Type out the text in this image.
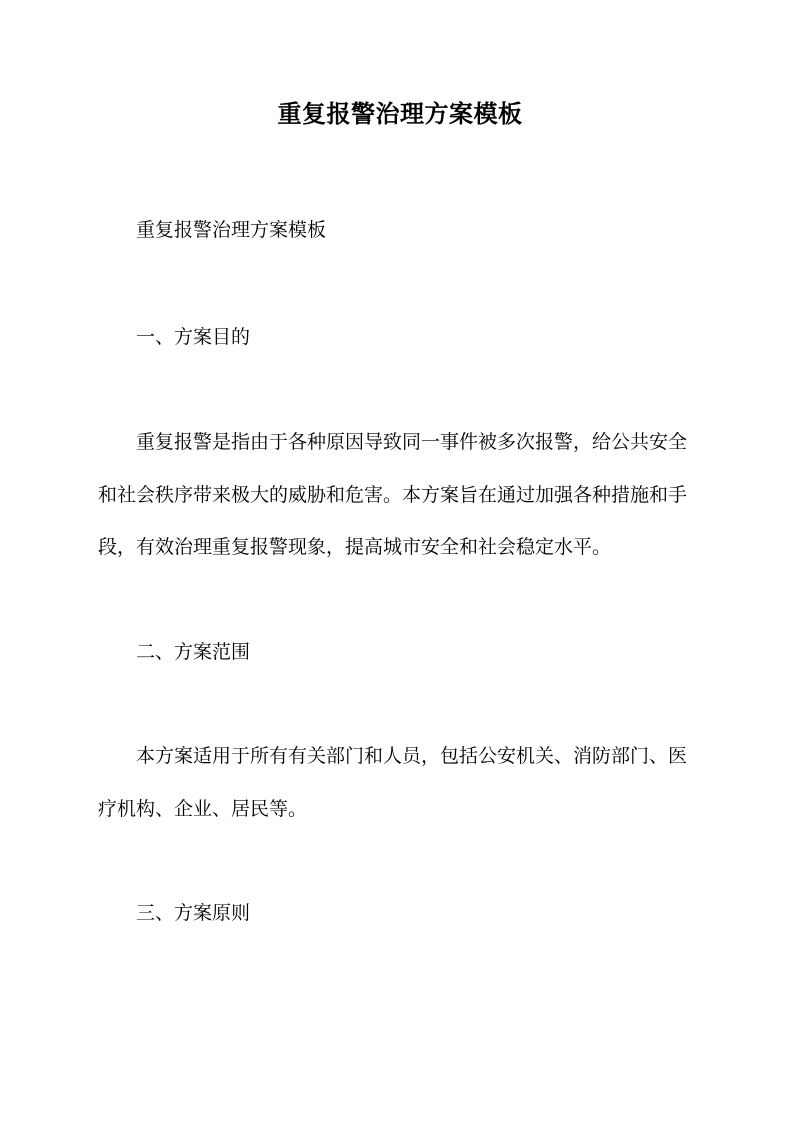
重复报警治理方案模板

重复报警治理方案模板

一、方案目的

重复报警是指由于各种原因导致同一事件被多次报警，给公共安全和社会秩序带来极大的威胁和危害。本方案旨在通过加强各种措施和手段，有效治理重复报警现象，提高城市安全和社会稳定水平。

二、方案范围

本方案适用于所有有关部门和人员，包括公安机关、消防部门、医疗机构、企业、居民等。

三、方案原则
